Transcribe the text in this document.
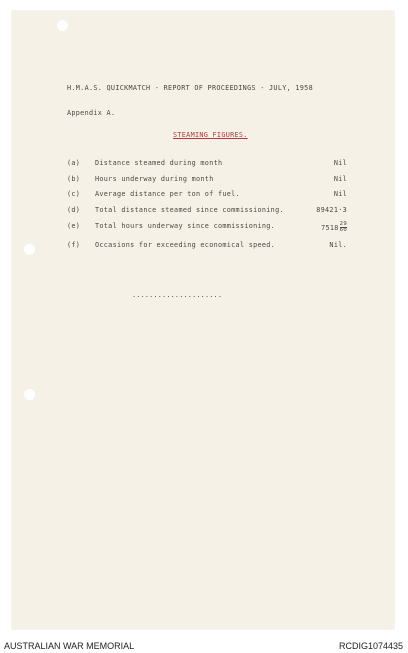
H.M.A.S. QUICKMATCH - REPORT OF PROCEEDINGS - JULY, 1958
Appendix A.
STEAMING FIGURES.
(a) Distance steamed during month	Nil
(b) Hours underway during month	Nil
(c) Average distance per ton of fuel.	Nil
(d) Total distance steamed since commissioning.	89421·3
(e) Total hours underway since commissioning.	$7518 \frac{29}{60}$
(f) Occasions for exceeding economical speed.	Nil.
.....................
AUSTRALIAN WAR MEMORIAL	RCDIG1074435
